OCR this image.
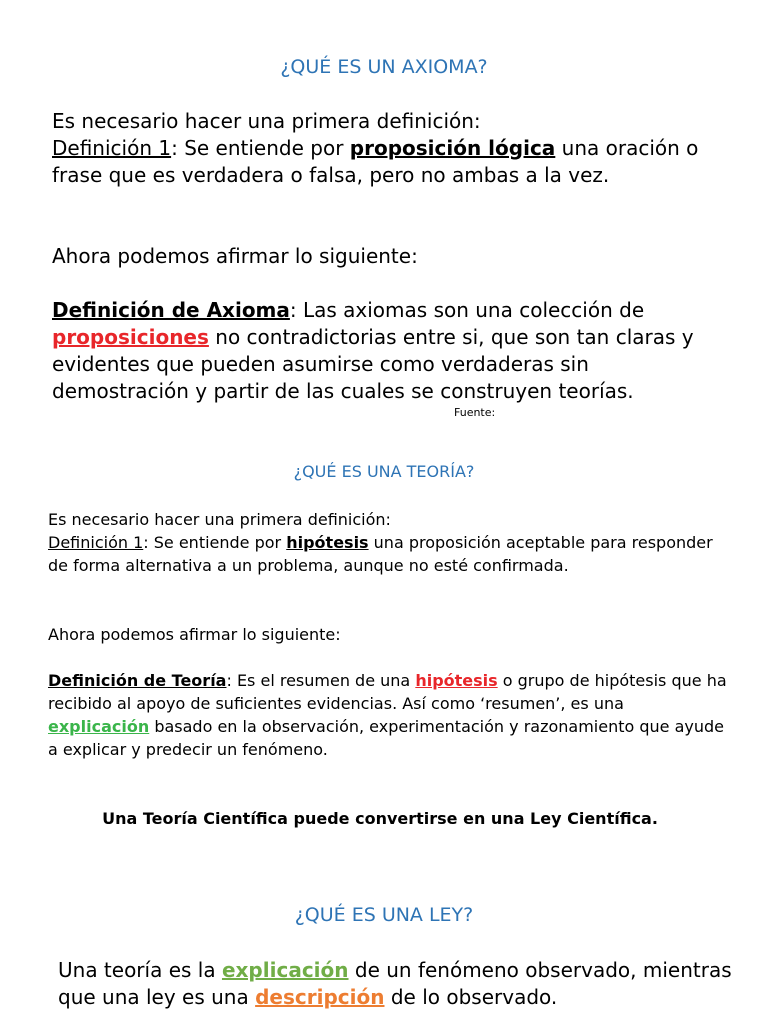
¿QUÉ ES UN AXIOMA?

Es necesario hacer una primera definición:
Definición 1: Se entiende por proposición lógica una oración o frase que es verdadera o falsa, pero no ambas a la vez.

Ahora podemos afirmar lo siguiente:

Definición de Axioma: Las axiomas son una colección de proposiciones no contradictorias entre si, que son tan claras y evidentes que pueden asumirse como verdaderas sin demostración y partir de las cuales se construyen teorías.

Fuente:
¿QUÉ ES UNA TEORÍA?

Es necesario hacer una primera definición:
Definición 1: Se entiende por hipótesis una proposición aceptable para responder de forma alternativa a un problema, aunque no esté confirmada.

Ahora podemos afirmar lo siguiente:

Definición de Teoría: Es el resumen de una hipótesis o grupo de hipótesis que ha recibido al apoyo de suficientes evidencias. Así como ‘resumen’, es una explicación basado en la observación, experimentación y razonamiento que ayude a explicar y predecir un fenómeno.

Una Teoría Científica puede convertirse en una Ley Científica.

¿QUÉ ES UNA LEY?

Una teoría es la explicación de un fenómeno observado, mientras que una ley es una descripción de lo observado.
